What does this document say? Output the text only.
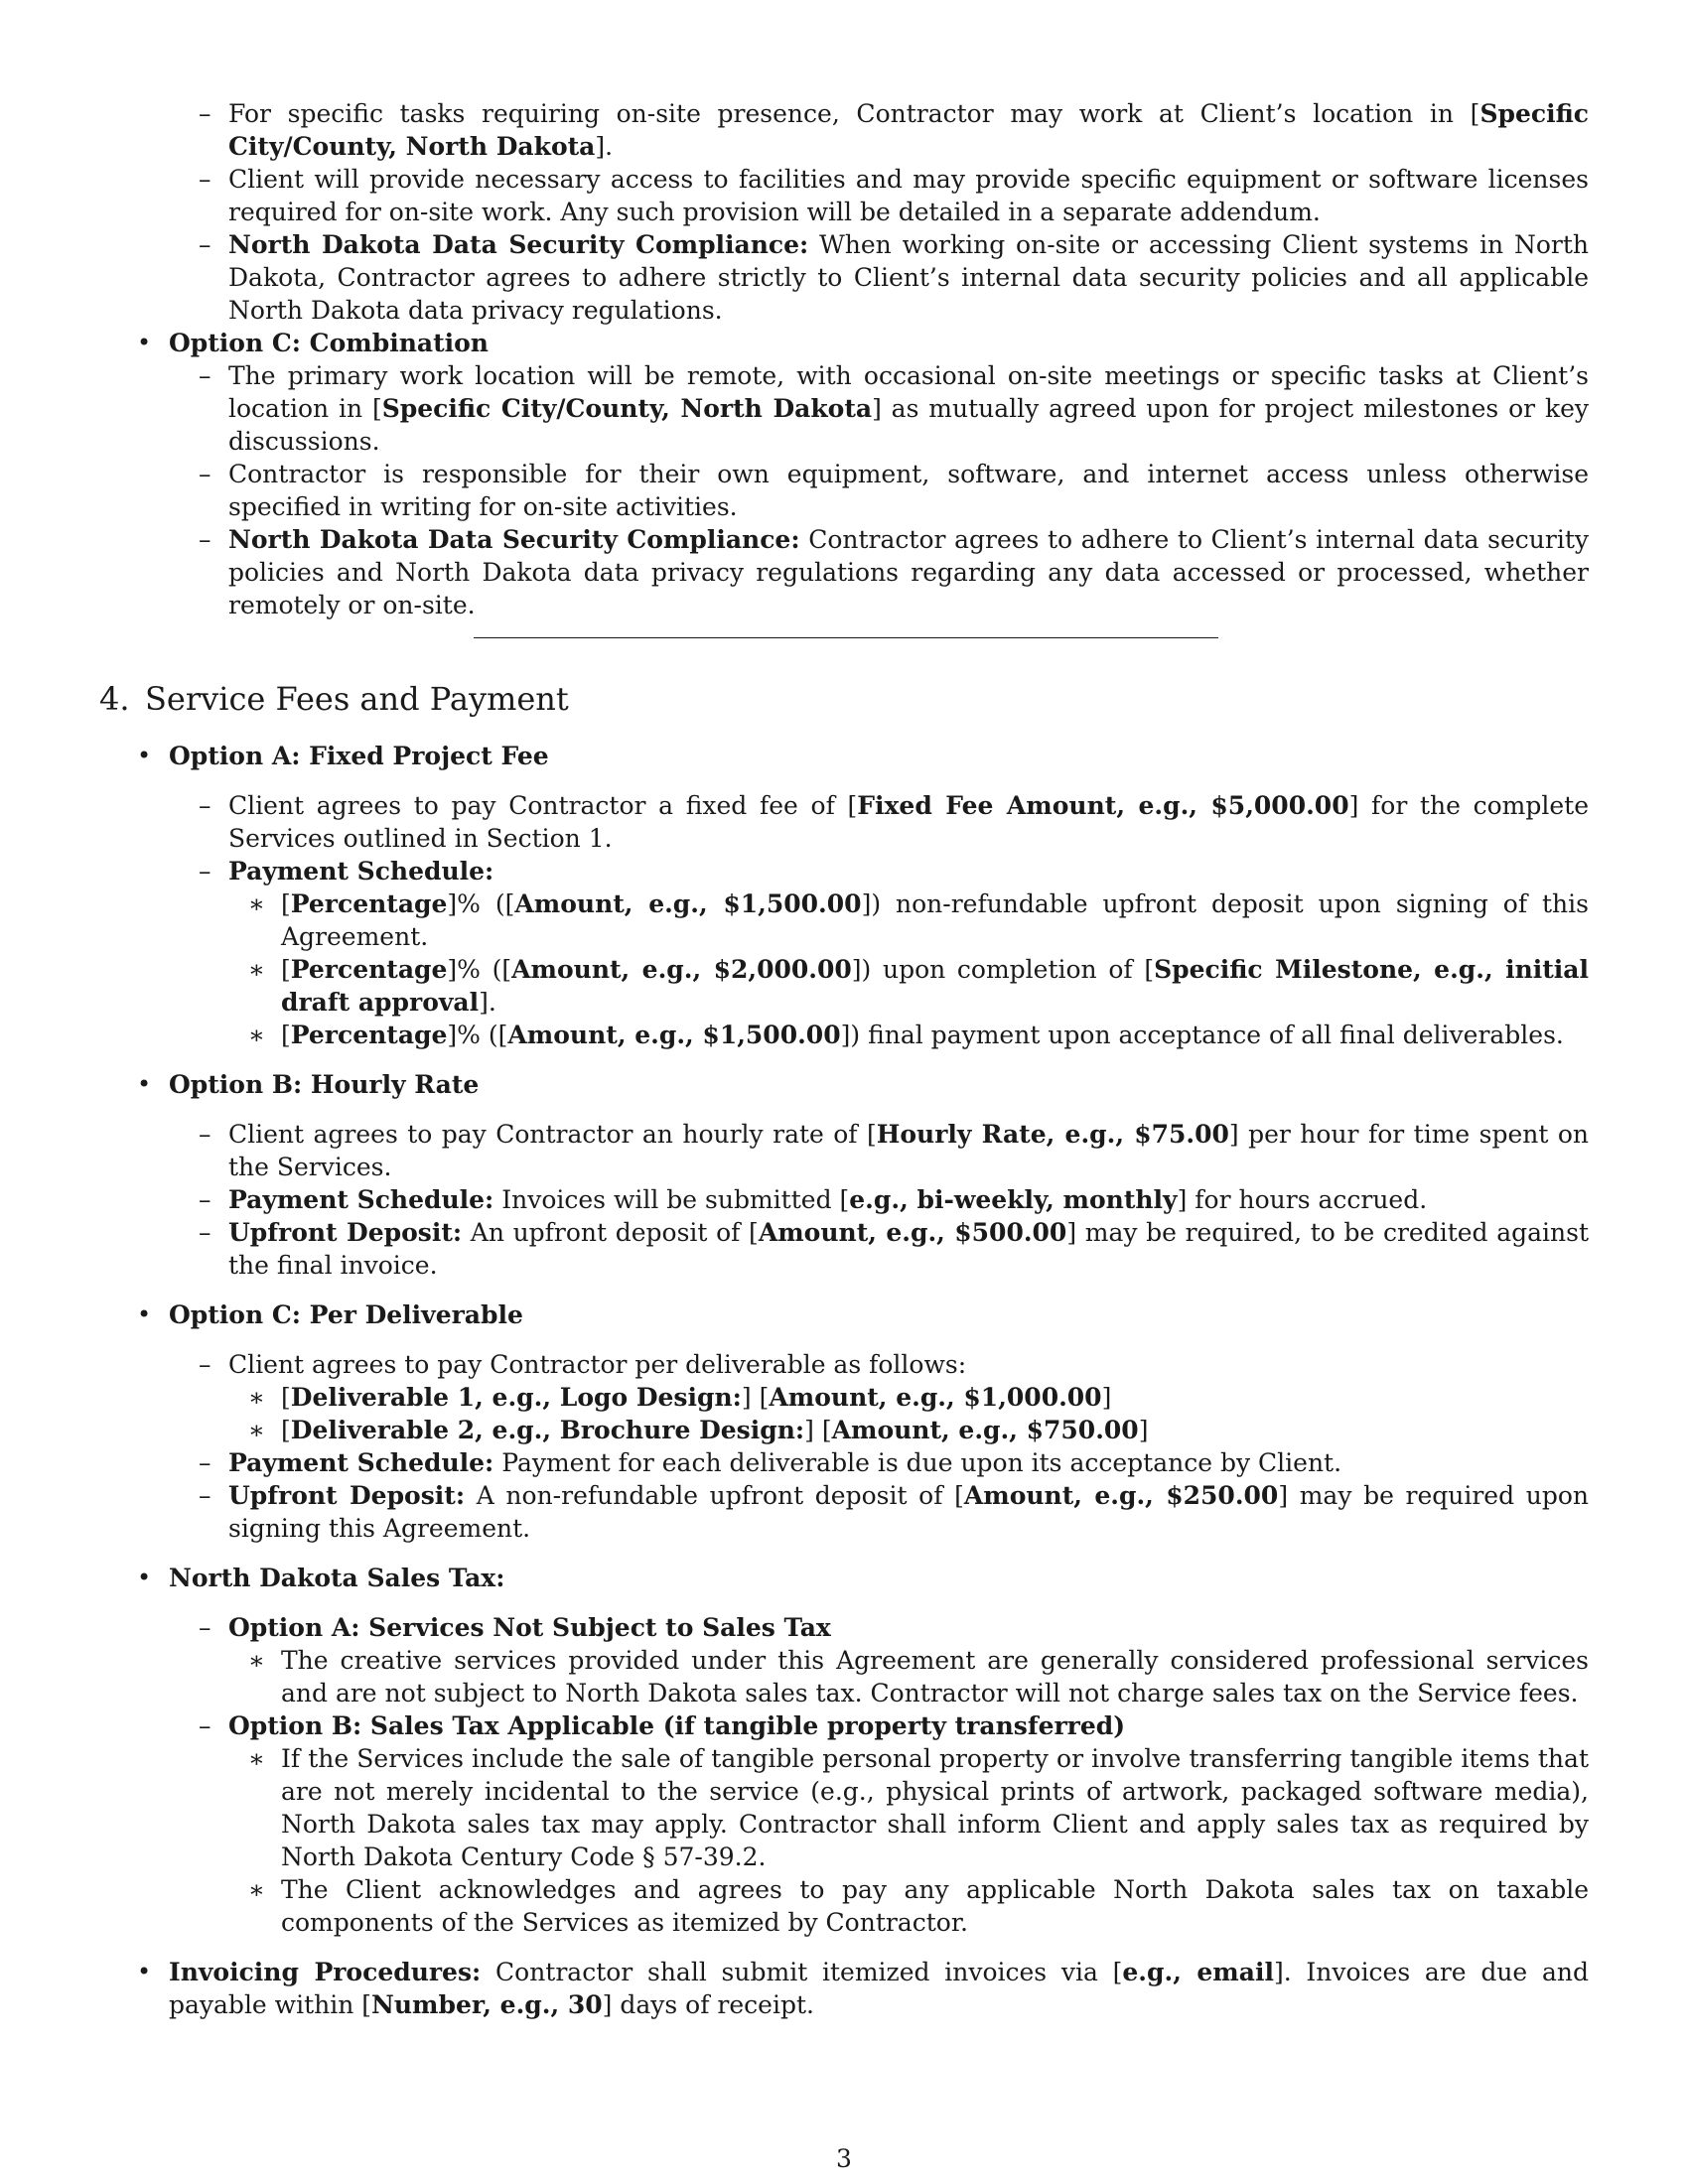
– For specific tasks requiring on-site presence, Contractor may work at Client’s location in [Specific City/County, North Dakota].
– Client will provide necessary access to facilities and may provide specific equipment or software licenses required for on-site work. Any such provision will be detailed in a separate addendum.
– North Dakota Data Security Compliance: When working on-site or accessing Client systems in North Dakota, Contractor agrees to adhere strictly to Client’s internal data security policies and all applicable North Dakota data privacy regulations.
• Option C: Combination
– The primary work location will be remote, with occasional on-site meetings or specific tasks at Client’s location in [Specific City/County, North Dakota] as mutually agreed upon for project milestones or key discussions.
– Contractor is responsible for their own equipment, software, and internet access unless otherwise specified in writing for on-site activities.
– North Dakota Data Security Compliance: Contractor agrees to adhere to Client’s internal data security policies and North Dakota data privacy regulations regarding any data accessed or processed, whether remotely or on-site.
4. Service Fees and Payment
• Option A: Fixed Project Fee
– Client agrees to pay Contractor a fixed fee of [Fixed Fee Amount, e.g., $5,000.00] for the complete Services outlined in Section 1.
– Payment Schedule:
∗ [Percentage]% ([Amount, e.g., $1,500.00]) non-refundable upfront deposit upon signing of this Agreement.
∗ [Percentage]% ([Amount, e.g., $2,000.00]) upon completion of [Specific Milestone, e.g., initial draft approval].
∗ [Percentage]% ([Amount, e.g., $1,500.00]) final payment upon acceptance of all final deliverables.
• Option B: Hourly Rate
– Client agrees to pay Contractor an hourly rate of [Hourly Rate, e.g., $75.00] per hour for time spent on the Services.
– Payment Schedule: Invoices will be submitted [e.g., bi-weekly, monthly] for hours accrued.
– Upfront Deposit: An upfront deposit of [Amount, e.g., $500.00] may be required, to be credited against the final invoice.
• Option C: Per Deliverable
– Client agrees to pay Contractor per deliverable as follows:
∗ [Deliverable 1, e.g., Logo Design:] [Amount, e.g., $1,000.00]
∗ [Deliverable 2, e.g., Brochure Design:] [Amount, e.g., $750.00]
– Payment Schedule: Payment for each deliverable is due upon its acceptance by Client.
– Upfront Deposit: A non-refundable upfront deposit of [Amount, e.g., $250.00] may be required upon signing this Agreement.
• North Dakota Sales Tax:
– Option A: Services Not Subject to Sales Tax
∗ The creative services provided under this Agreement are generally considered professional services and are not subject to North Dakota sales tax. Contractor will not charge sales tax on the Service fees.
– Option B: Sales Tax Applicable (if tangible property transferred)
∗ If the Services include the sale of tangible personal property or involve transferring tangible items that are not merely incidental to the service (e.g., physical prints of artwork, packaged software media), North Dakota sales tax may apply. Contractor shall inform Client and apply sales tax as required by North Dakota Century Code § 57-39.2.
∗ The Client acknowledges and agrees to pay any applicable North Dakota sales tax on taxable components of the Services as itemized by Contractor.
• Invoicing Procedures: Contractor shall submit itemized invoices via [e.g., email]. Invoices are due and payable within [Number, e.g., 30] days of receipt.
3
